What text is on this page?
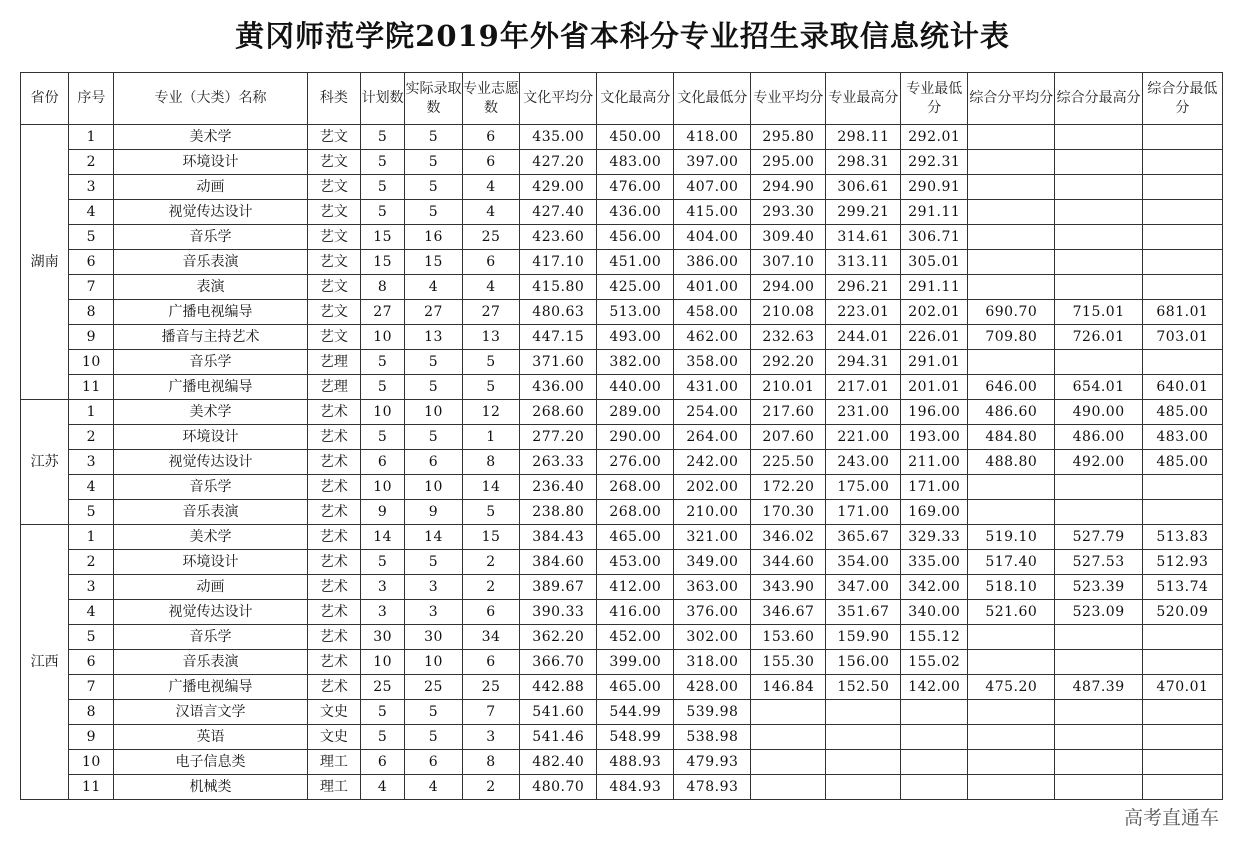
黄冈师范学院2019年外省本科分专业招生录取信息统计表
省份	序号	专业（大类）名称	科类	计划数	实际录取数	专业志愿数	文化平均分	文化最高分	文化最低分	专业平均分	专业最高分	专业最低分	综合分平均分	综合分最高分	综合分最低分
湖南	1	美术学	艺文	5	5	6	435.00	450.00	418.00	295.80	298.11	292.01			
	2	环境设计	艺文	5	5	6	427.20	483.00	397.00	295.00	298.31	292.31			
	3	动画	艺文	5	5	4	429.00	476.00	407.00	294.90	306.61	290.91			
	4	视觉传达设计	艺文	5	5	4	427.40	436.00	415.00	293.30	299.21	291.11			
	5	音乐学	艺文	15	16	25	423.60	456.00	404.00	309.40	314.61	306.71			
	6	音乐表演	艺文	15	15	6	417.10	451.00	386.00	307.10	313.11	305.01			
	7	表演	艺文	8	4	4	415.80	425.00	401.00	294.00	296.21	291.11			
	8	广播电视编导	艺文	27	27	27	480.63	513.00	458.00	210.08	223.01	202.01	690.70	715.01	681.01
	9	播音与主持艺术	艺文	10	13	13	447.15	493.00	462.00	232.63	244.01	226.01	709.80	726.01	703.01
	10	音乐学	艺理	5	5	5	371.60	382.00	358.00	292.20	294.31	291.01			
	11	广播电视编导	艺理	5	5	5	436.00	440.00	431.00	210.01	217.01	201.01	646.00	654.01	640.01
江苏	1	美术学	艺术	10	10	12	268.60	289.00	254.00	217.60	231.00	196.00	486.60	490.00	485.00
	2	环境设计	艺术	5	5	1	277.20	290.00	264.00	207.60	221.00	193.00	484.80	486.00	483.00
	3	视觉传达设计	艺术	6	6	8	263.33	276.00	242.00	225.50	243.00	211.00	488.80	492.00	485.00
	4	音乐学	艺术	10	10	14	236.40	268.00	202.00	172.20	175.00	171.00			
	5	音乐表演	艺术	9	9	5	238.80	268.00	210.00	170.30	171.00	169.00			
江西	1	美术学	艺术	14	14	15	384.43	465.00	321.00	346.02	365.67	329.33	519.10	527.79	513.83
	2	环境设计	艺术	5	5	2	384.60	453.00	349.00	344.60	354.00	335.00	517.40	527.53	512.93
	3	动画	艺术	3	3	2	389.67	412.00	363.00	343.90	347.00	342.00	518.10	523.39	513.74
	4	视觉传达设计	艺术	3	3	6	390.33	416.00	376.00	346.67	351.67	340.00	521.60	523.09	520.09
	5	音乐学	艺术	30	30	34	362.20	452.00	302.00	153.60	159.90	155.12			
	6	音乐表演	艺术	10	10	6	366.70	399.00	318.00	155.30	156.00	155.02			
	7	广播电视编导	艺术	25	25	25	442.88	465.00	428.00	146.84	152.50	142.00	475.20	487.39	470.01
	8	汉语言文学	文史	5	5	7	541.60	544.99	539.98						
	9	英语	文史	5	5	3	541.46	548.99	538.98						
	10	电子信息类	理工	6	6	8	482.40	488.93	479.93						
	11	机械类	理工	4	4	2	480.70	484.93	478.93						
高考直通车
